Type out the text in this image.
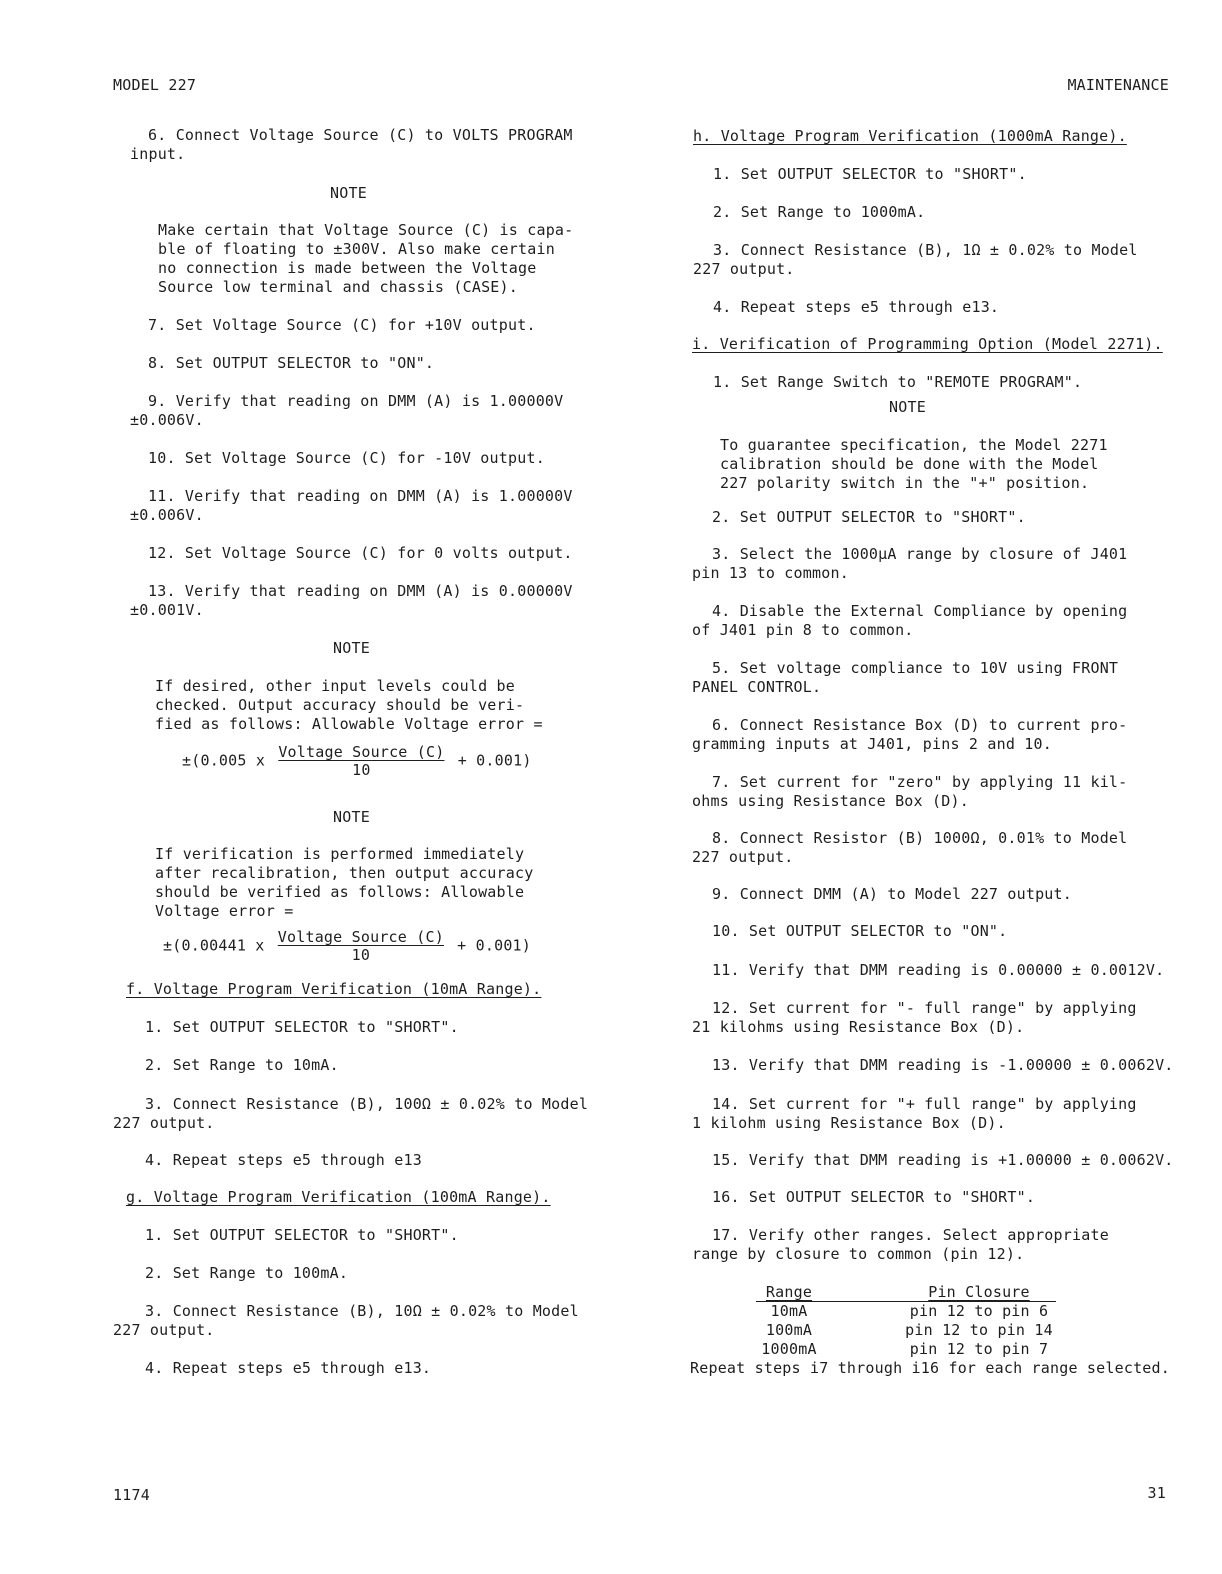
MODEL 227	MAINTENANCE
6. Connect Voltage Source (C) to VOLTS PROGRAM
input.
NOTE
Make certain that Voltage Source (C) is capa-
ble of floating to ±300V. Also make certain
no connection is made between the Voltage
Source low terminal and chassis (CASE).
7. Set Voltage Source (C) for +10V output.
8. Set OUTPUT SELECTOR to "ON".
9. Verify that reading on DMM (A) is 1.00000V
±0.006V.
10. Set Voltage Source (C) for -10V output.
11. Verify that reading on DMM (A) is 1.00000V
±0.006V.
12. Set Voltage Source (C) for 0 volts output.
13. Verify that reading on DMM (A) is 0.00000V
±0.001V.
NOTE
If desired, other input levels could be
checked. Output accuracy should be veri-
fied as follows: Allowable Voltage error =
±(0.005 x $\frac{\text{Voltage Source (C)}}{10} + 0.001$)
NOTE
If verification is performed immediately
after recalibration, then output accuracy
should be verified as follows: Allowable
Voltage error =
±(0.00441 x $\frac{\text{Voltage Source (C)}}{10} + 0.001$)
f. Voltage Program Verification (10mA Range).
1. Set OUTPUT SELECTOR to "SHORT".
2. Set Range to 10mA.
3. Connect Resistance (B), 100Ω ± 0.02% to Model
227 output.
4. Repeat steps e5 through e13
g. Voltage Program Verification (100mA Range).
1. Set OUTPUT SELECTOR to "SHORT".
2. Set Range to 100mA.
3. Connect Resistance (B), 10Ω ± 0.02% to Model
227 output.
4. Repeat steps e5 through e13.
h. Voltage Program Verification (1000mA Range).
1. Set OUTPUT SELECTOR to "SHORT".
2. Set Range to 1000mA.
3. Connect Resistance (B), 1Ω ± 0.02% to Model
227 output.
4. Repeat steps e5 through e13.
i. Verification of Programming Option (Model 2271).
1. Set Range Switch to "REMOTE PROGRAM".
NOTE
To guarantee specification, the Model 2271
calibration should be done with the Model
227 polarity switch in the "+" position.
2. Set OUTPUT SELECTOR to "SHORT".
3. Select the 1000μA range by closure of J401
pin 13 to common.
4. Disable the External Compliance by opening
of J401 pin 8 to common.
5. Set voltage compliance to 10V using FRONT
PANEL CONTROL.
6. Connect Resistance Box (D) to current pro-
gramming inputs at J401, pins 2 and 10.
7. Set current for "zero" by applying 11 kil-
ohms using Resistance Box (D).
8. Connect Resistor (B) 1000Ω, 0.01% to Model
227 output.
9. Connect DMM (A) to Model 227 output.
10. Set OUTPUT SELECTOR to "ON".
11. Verify that DMM reading is 0.00000 ± 0.0012V.
12. Set current for "- full range" by applying
21 kilohms using Resistance Box (D).
13. Verify that DMM reading is -1.00000 ± 0.0062V.
14. Set current for "+ full range" by applying
1 kilohm using Resistance Box (D).
15. Verify that DMM reading is +1.00000 ± 0.0062V.
16. Set OUTPUT SELECTOR to "SHORT".
17. Verify other ranges. Select appropriate
range by closure to common (pin 12).
Range	Pin Closure
10mA	pin 12 to pin 6
100mA	pin 12 to pin 14
1000mA	pin 12 to pin 7
Repeat steps i7 through i16 for each range selected.
1174	31
